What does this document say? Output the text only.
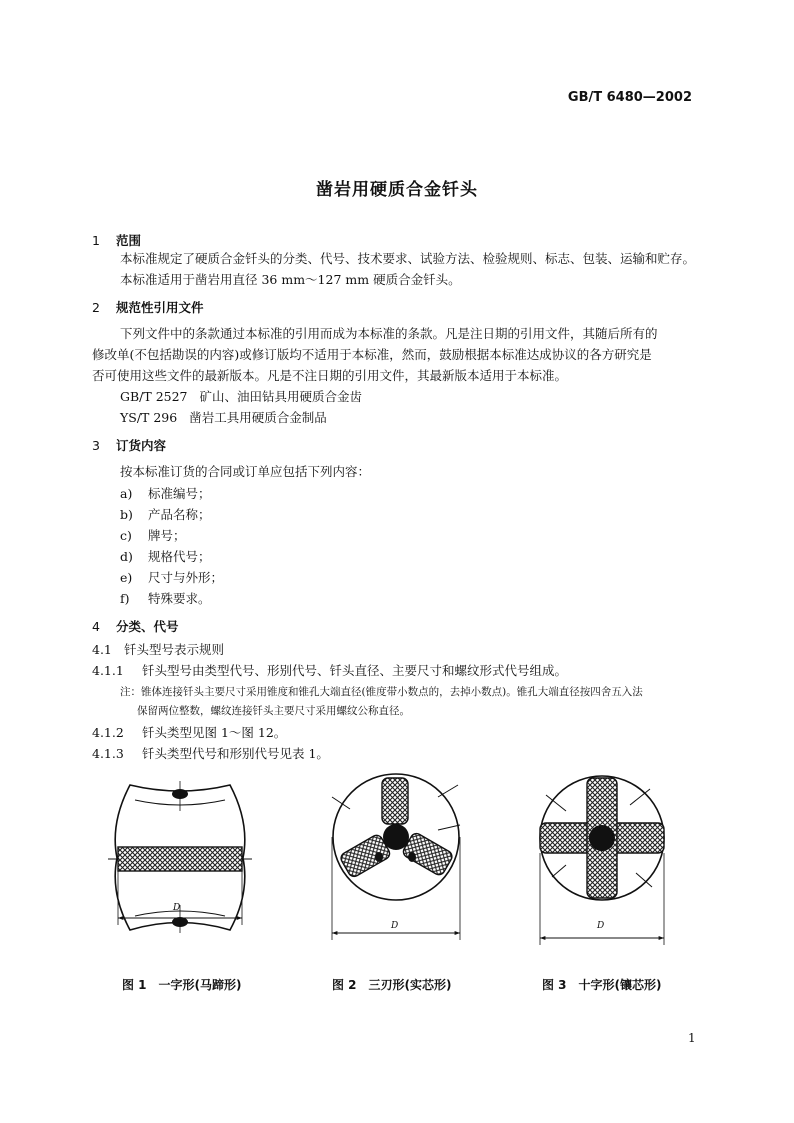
GB/T 6480—2002
凿岩用硬质合金钎头
1 范围
本标准规定了硬质合金钎头的分类、代号、技术要求、试验方法、检验规则、标志、包装、运输和贮存。
本标准适用于凿岩用直径 36 mm～127 mm 硬质合金钎头。
2 规范性引用文件
下列文件中的条款通过本标准的引用而成为本标准的条款。凡是注日期的引用文件，其随后所有的
修改单(不包括勘误的内容)或修订版均不适用于本标准，然而，鼓励根据本标准达成协议的各方研究是
否可使用这些文件的最新版本。凡是不注日期的引用文件，其最新版本适用于本标准。
GB/T 2527 矿山、油田钻具用硬质合金齿
YS/T 296 凿岩工具用硬质合金制品
3 订货内容
按本标准订货的合同或订单应包括下列内容：
a) 标准编号；
b) 产品名称；
c) 牌号；
d) 规格代号；
e) 尺寸与外形；
f) 特殊要求。
4 分类、代号
4.1 钎头型号表示规则
4.1.1 钎头型号由类型代号、形别代号、钎头直径、主要尺寸和螺纹形式代号组成。
注：锥体连接钎头主要尺寸采用锥度和锥孔大端直径(锥度带小数点的，去掉小数点)。锥孔大端直径按四舍五入法
保留两位整数，螺纹连接钎头主要尺寸采用螺纹公称直径。
4.1.2 钎头类型见图 1～图 12。
4.1.3 钎头类型代号和形别代号见表 1。
D
D	D
图 1 一字形(马蹄形)	图 2 三刃形(实芯形)	图 3 十字形(镶芯形)
1
